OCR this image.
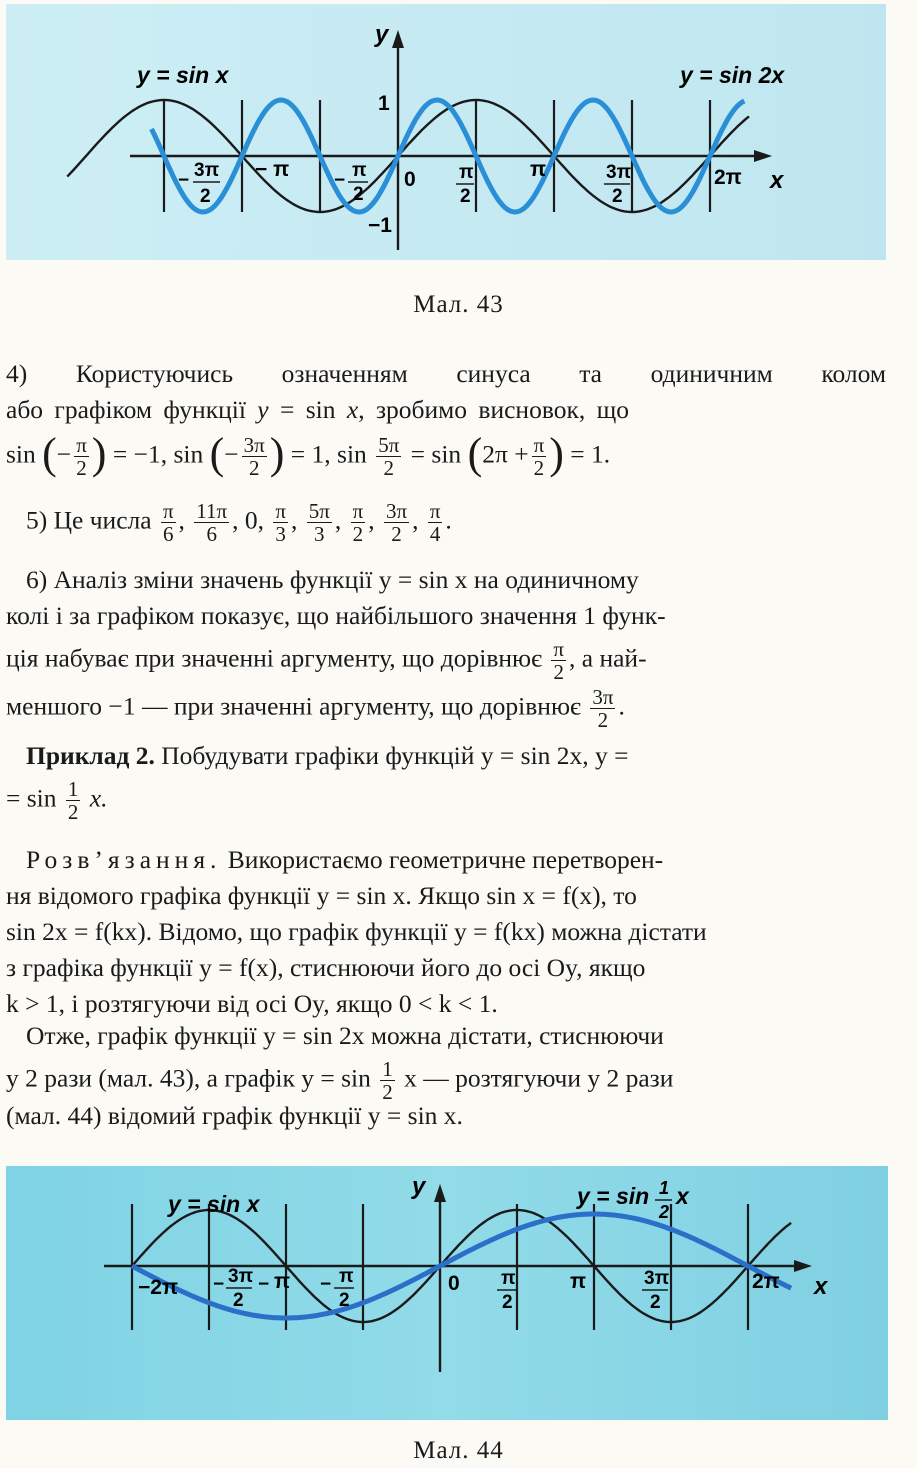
y = sin x	y = sin 2x
y
x
1
−1
0
− π	π	2π
− 3π
2
− π
2
π
2
3π
2
Мал. 43
4) Користуючись означенням синуса та одиничним колом
або графіком функції y = sin x, зробимо висновок, що
sin (− $\frac{\pi}{2}$ ) = −1, sin (− $\frac{3\pi}{2}$ ) = 1, $\sin \frac{5\pi}{2} = \sin (2\pi + \frac{\pi}{2}$ ) = 1.
5) Це числа $\frac{\pi}{6}$ , $\frac{11\pi}{6}$ , 0, $\frac{\pi}{3}$ , $\frac{5\pi}{3}$ , $\frac{\pi}{2}$ , $\frac{3\pi}{2}$ , $\frac{\pi}{4}$ .
6) Аналіз зміни значень функції y = sin x на одиничному
колі і за графіком показує, що найбільшого значення 1 функ-
ція набуває при значенні аргументу, що дорівнює $\frac{\pi}{2}$ , а най-
меншого −1 — при значенні аргументу, що дорівнює $\frac{3\pi}{2}$ .
Приклад 2. Побудувати графіки функцій y = sin 2x, y =
= $\sin \frac{1}{2} x$.
Розв’язання. Використаємо геометричне перетворен-
ня відомого графіка функції y = sin x. Якщо sin x = f(x), то
sin 2x = f(kx). Відомо, що графік функції y = f(kx) можна дістати
з графіка функції y = f(x), стиснюючи його до осі Oy, якщо
k > 1, і розтягуючи від осі Oy, якщо 0 < k < 1.
Отже, графік функції y = sin 2x можна дістати, стиснюючи
у 2 рази (мал. 43), а графік $y = \sin \frac{1}{2}$ x — розтягуючи у 2 рази
(мал. 44) відомий графік функції y = sin x.
y = sin x	y = sin 1
2
x
y
x
0
−2π	π	π	2π
− 3π
2
−	− π
2
π
2
3π
2
Мал. 44
